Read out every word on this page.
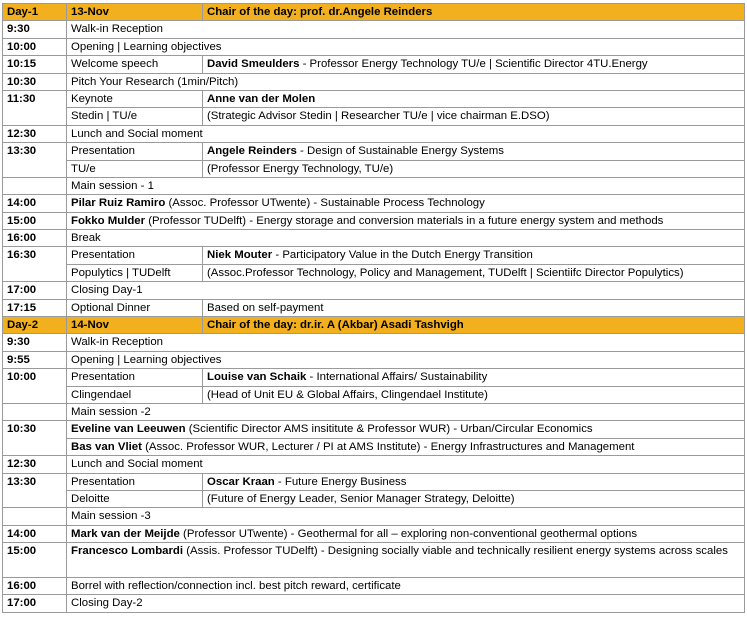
Day-1	13-Nov	Chair of the day: prof. dr.Angele Reinders
9:30	Walk-in Reception	
10:00	Opening | Learning objectives	
10:15	Welcome speech	David Smeulders - Professor Energy Technology TU/e | Scientific Director 4TU.Energy
10:30	Pitch Your Research (1min/Pitch)	
11:30	Keynote	Anne van der Molen
	Stedin | TU/e	(Strategic Advisor Stedin | Researcher TU/e | vice chairman E.DSO)
12:30	Lunch and Social moment	
13:30	Presentation	Angele Reinders - Design of Sustainable Energy Systems
	TU/e	(Professor Energy Technology, TU/e)
	Main session - 1	
14:00	Pilar Ruiz Ramiro (Assoc. Professor UTwente) - Sustainable Process Technology	
15:00	Fokko Mulder (Professor TUDelft) - Energy storage and conversion materials in a future energy system and methods	
16:00	Break	
16:30	Presentation	Niek Mouter - Participatory Value in the Dutch Energy Transition
	Populytics | TUDelft	(Assoc.Professor Technology, Policy and Management, TUDelft | Scientiifc Director Populytics)
17:00	Closing Day-1	
17:15	Optional Dinner	Based on self-payment
Day-2	14-Nov	Chair of the day: dr.ir. A (Akbar) Asadi Tashvigh
9:30	Walk-in Reception	
9:55	Opening | Learning objectives	
10:00	Presentation	Louise van Schaik - International Affairs/ Sustainability
	Clingendael	(Head of Unit EU & Global Affairs, Clingendael Institute)
	Main session -2	
10:30	Eveline van Leeuwen (Scientific Director AMS insititute & Professor WUR) - Urban/Circular Economics	
	Bas van Vliet (Assoc. Professor WUR, Lecturer / PI at AMS Institute) - Energy Infrastructures and Management	
12:30	Lunch and Social moment	
13:30	Presentation	Oscar Kraan - Future Energy Business
	Deloitte	(Future of Energy Leader, Senior Manager Strategy, Deloitte)
	Main session -3	
14:00	Mark van der Meijde (Professor UTwente) - Geothermal for all – exploring non-conventional geothermal options	
15:00	Francesco Lombardi (Assis. Professor TUDelft) - Designing socially viable and technically resilient energy systems across scales	
16:00	Borrel with reflection/connection incl. best pitch reward, certificate	
17:00	Closing Day-2	
